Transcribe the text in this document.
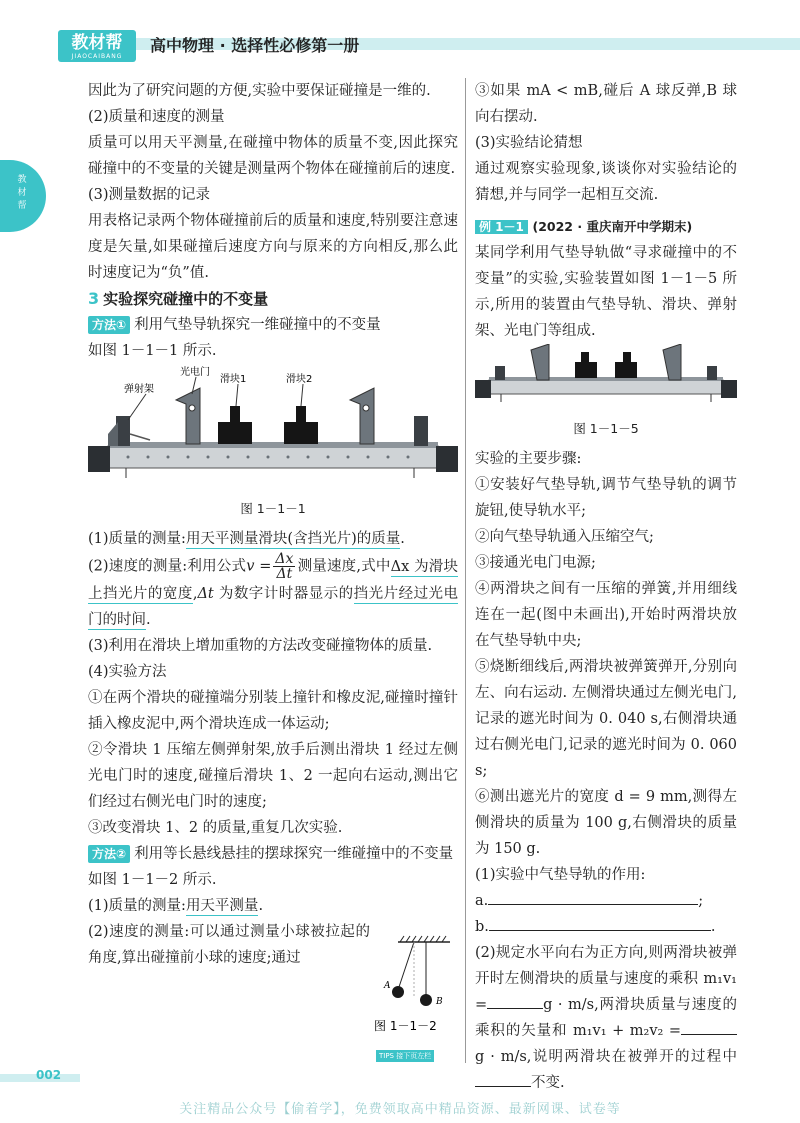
教材帮
JIAOCAIBANG
高中物理 · 选择性必修第一册
教材帮

因此为了研究问题的方便,实验中要保证碰撞是一维的.

(2)质量和速度的测量

质量可以用天平测量,在碰撞中物体的质量不变,因此探究碰撞中的不变量的关键是测量两个物体在碰撞前后的速度.

(3)测量数据的记录

用表格记录两个物体碰撞前后的质量和速度,特别要注意速度是矢量,如果碰撞后速度方向与原来的方向相反,那么此时速度记为“负”值.

3 实验探究碰撞中的不变量

方法① 利用气垫导轨探究一维碰撞中的不变量

如图 1－1－1 所示.

光电门
弹射架
滑块1	滑块2
图 1－1－1

(1)质量的测量:用天平测量滑块(含挡光片)的质量.

(2)速度的测量:利用公式$v = \frac{\Delta x}{\Delta t}$ 测量速度,式中Δx 为滑块上挡光片的宽度,Δt 为数字计时器显示的挡光片经过光电门的时间.

(3)利用在滑块上增加重物的方法改变碰撞物体的质量.

(4)实验方法

①在两个滑块的碰撞端分别装上撞针和橡皮泥,碰撞时撞针插入橡皮泥中,两个滑块连成一体运动;

②令滑块 1 压缩左侧弹射架,放手后测出滑块 1 经过左侧光电门时的速度,碰撞后滑块 1、2 一起向右运动,测出它们经过右侧光电门时的速度;

③改变滑块 1、2 的质量,重复几次实验.

方法② 利用等长悬线悬挂的摆球探究一维碰撞中的不变量

如图 1－1－2 所示.

(1)质量的测量:用天平测量.

(2)速度的测量:可以通过测量小球被拉起的角度,算出碰撞前小球的速度;通过

A
B
图 1－1－2
TIPS 接下页左栏

③如果 mA < mB,碰后 A 球反弹,B 球向右摆动.

(3)实验结论猜想

通过观察实验现象,谈谈你对实验结论的猜想,并与同学一起相互交流.

例 1－1 (2022 · 重庆南开中学期末)

某同学利用气垫导轨做“寻求碰撞中的不变量”的实验,实验装置如图 1－1－5 所示,所用的装置由气垫导轨、滑块、弹射架、光电门等组成.

图 1－1－5

实验的主要步骤:

①安装好气垫导轨,调节气垫导轨的调节旋钮,使导轨水平;

②向气垫导轨通入压缩空气;

③接通光电门电源;

④两滑块之间有一压缩的弹簧,并用细线连在一起(图中未画出),开始时两滑块放在气垫导轨中央;

⑤烧断细线后,两滑块被弹簧弹开,分别向左、向右运动. 左侧滑块通过左侧光电门,记录的遮光时间为 0. 040 s,右侧滑块通过右侧光电门,记录的遮光时间为 0. 060 s;

⑥测出遮光片的宽度 d = 9 mm,测得左侧滑块的质量为 100 g,右侧滑块的质量为 150 g.

(1)实验中气垫导轨的作用:

a.	;

b.	.

(2)规定水平向右为正方向,则两滑块被弹开时左侧滑块的质量与速度的乘积 m₁v₁ =	g · m/s,两滑块质量与速度的乘积的矢量和 m₁v₁ + m₂v₂ =g · m/s,说明两滑块在被弹开的过程中不变.

002
关注精品公众号【偷着学】，免费领取高中精品资源、最新网课、试卷等
